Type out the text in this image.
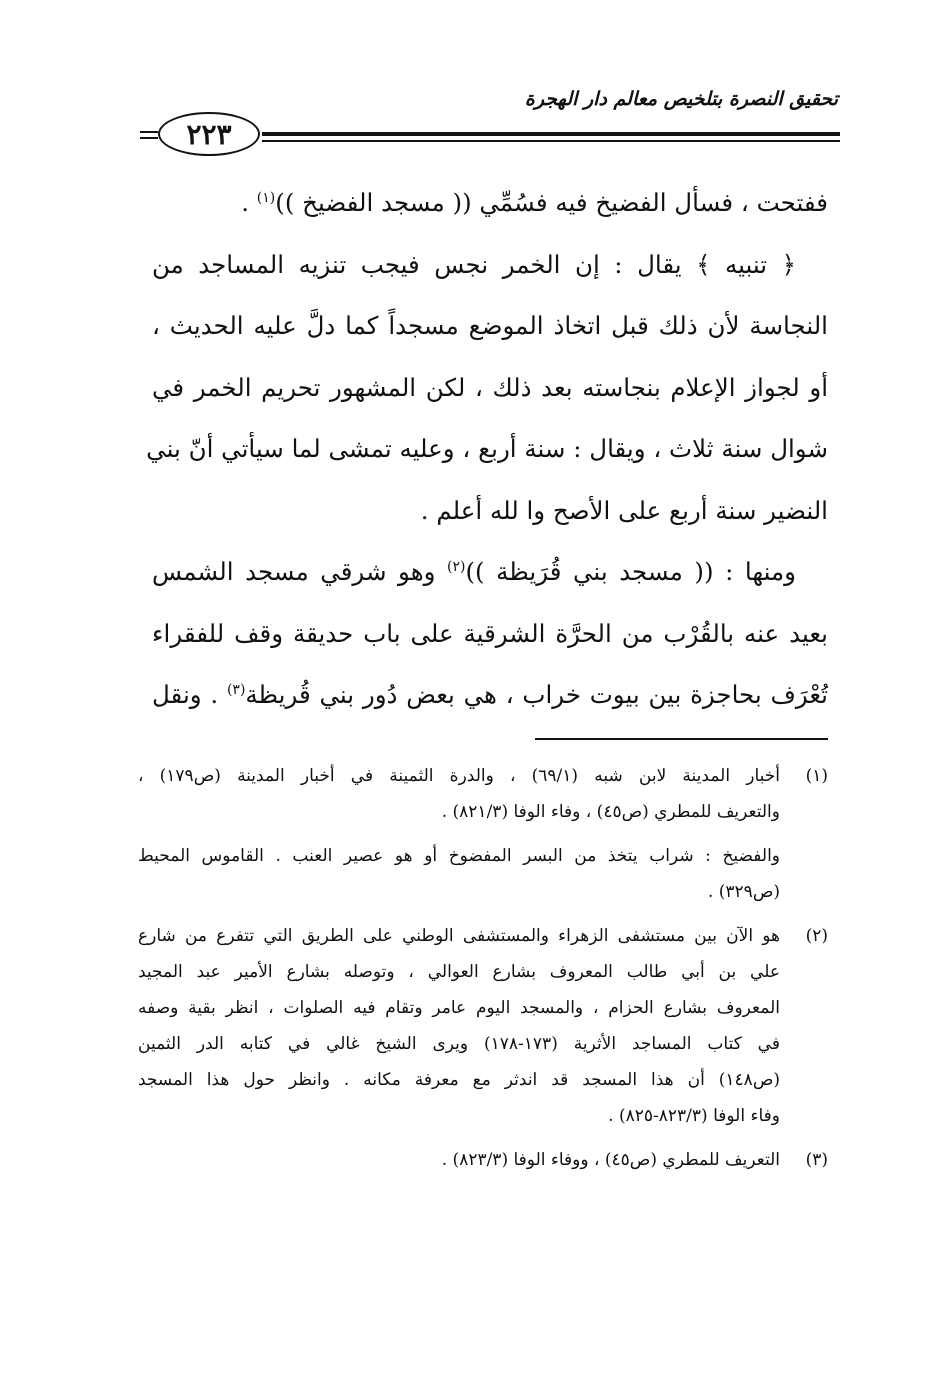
تحقيق النصرة بتلخيص معالم دار الهجرة
٢٢٣
ففتحت ، فسأل الفضيخ فيه فسُمِّي (( مسجد الفضيخ ))$^{(١)}$ .
﴿ تنبيه ﴾ يقال : إن الخمر نجس فيجب تنزيه المساجد من
النجاسة لأن ذلك قبل اتخاذ الموضع مسجداً كما دلَّ عليه الحديث ،
أو لجواز الإعلام بنجاسته بعد ذلك ، لكن المشهور تحريم الخمر في
شوال سنة ثلاث ، ويقال : سنة أربع ، وعليه تمشى لما سيأتي أنّ بني
النضير سنة أربع على الأصح وا لله أعلم .
ومنها : (( مسجد بني قُرَيظة ))$^{(٢)}$ وهو شرقي مسجد الشمس
بعيد عنه بالقُرْب من الحرَّة الشرقية على باب حديقة وقف للفقراء
تُعْرَف بحاجزة بين بيوت خراب ، هي بعض دُور بني قُريظة$^{(٣)}$ . ونقل
(١)
أخبار المدينة لابن شبه (٦٩/١) ، والدرة الثمينة في أخبار المدينة (ص١٧٩) ،
والتعريف للمطري (ص٤٥) ، وفاء الوفا (٨٢١/٣) .
والفضيخ : شراب يتخذ من البسر المفضوخ أو هو عصير العنب . القاموس المحيط
(ص٣٢٩) .
(٢)
هو الآن بين مستشفى الزهراء والمستشفى الوطني على الطريق التي تتفرع من شارع
علي بن أبي طالب المعروف بشارع العوالي ، وتوصله بشارع الأمير عبد المجيد
المعروف بشارع الحزام ، والمسجد اليوم عامر وتقام فيه الصلوات ، انظر بقية وصفه
في كتاب المساجد الأثرية (١٧٣-١٧٨) ويرى الشيخ غالي في كتابه الدر الثمين
(ص١٤٨) أن هذا المسجد قد اندثر مع معرفة مكانه . وانظر حول هذا المسجد
وفاء الوفا (٨٢٣/٣-٨٢٥) .
(٣)
التعريف للمطري (ص٤٥) ، ووفاء الوفا (٨٢٣/٣) .
